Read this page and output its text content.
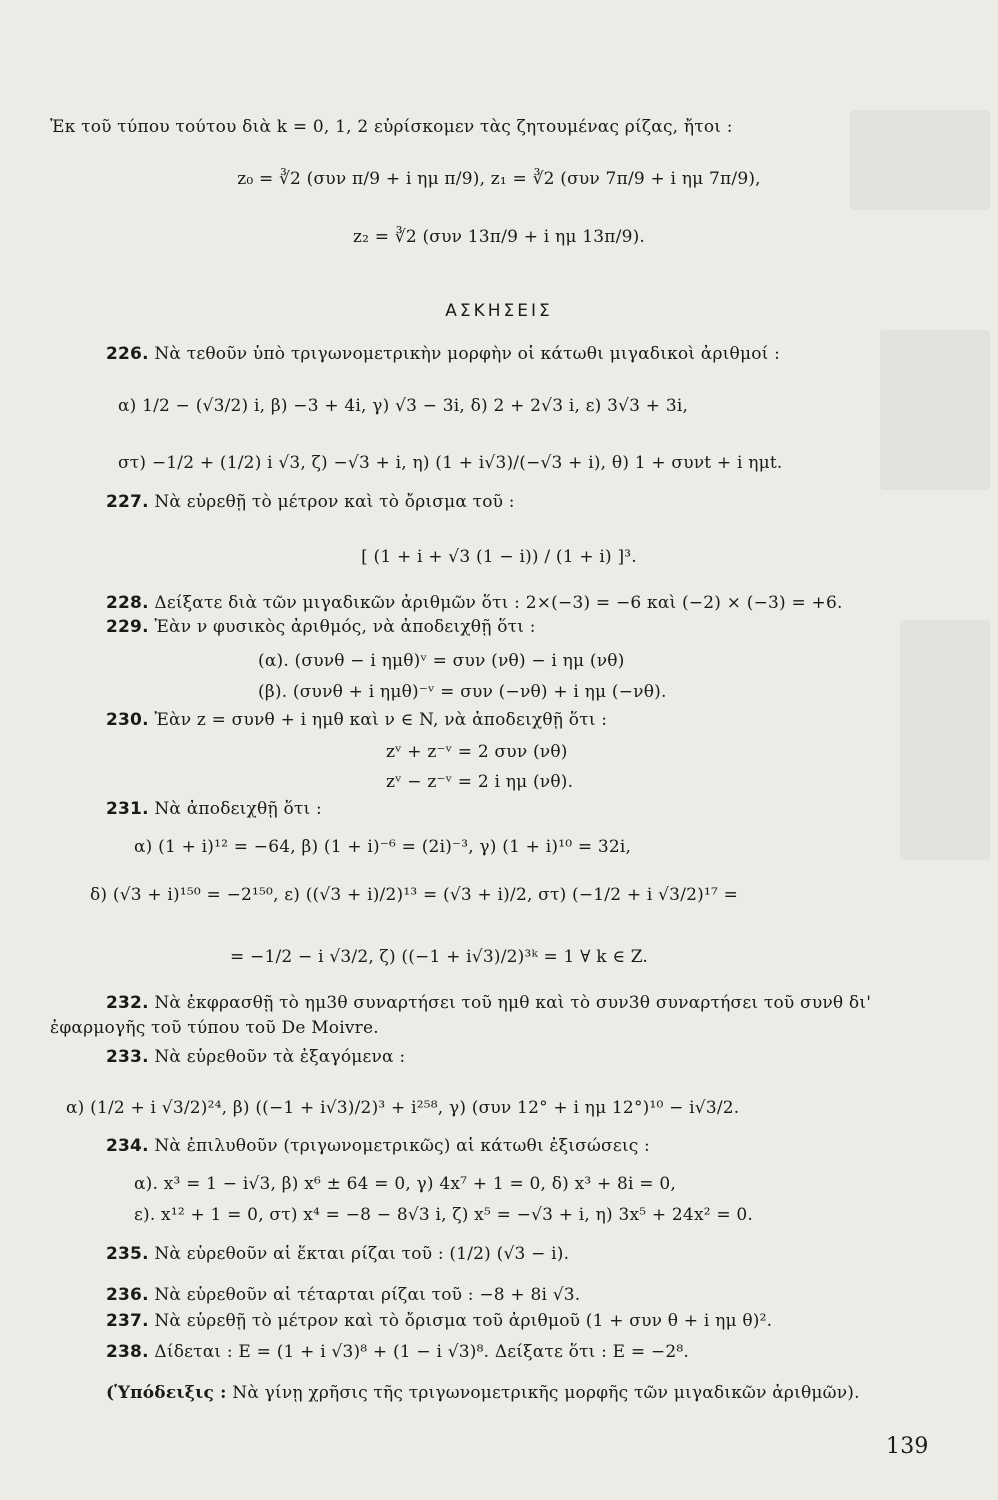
Ἐκ τοῦ τύπου τούτου διὰ k = 0, 1, 2 εὑρίσκομεν τὰς ζητουμένας ρίζας, ἤτοι :
z₀ = ∛2 (συν π/9 + i ημ π/9), z₁ = ∛2 (συν 7π/9 + i ημ 7π/9),
z₂ = ∛2 (συν 13π/9 + i ημ 13π/9).
ΑΣΚΗΣΕΙΣ
226. Νὰ τεθοῦν ὑπὸ τριγωνομετρικὴν μορφὴν οἱ κάτωθι μιγαδικοὶ ἀριθμοί :
α) 1/2 − (√3/2) i, β) −3 + 4i, γ) √3 − 3i, δ) 2 + 2√3 i, ε) 3√3 + 3i,
στ) −1/2 + (1/2) i √3, ζ) −√3 + i, η) (1 + i√3)/(−√3 + i), θ) 1 + συνt + i ημt.
227. Νὰ εὑρεθῇ τὸ μέτρον καὶ τὸ ὄρισμα τοῦ :
[ (1 + i + √3 (1 − i)) / (1 + i) ]³.
228. Δείξατε διὰ τῶν μιγαδικῶν ἀριθμῶν ὅτι : 2×(−3) = −6 καὶ (−2) × (−3) = +6.
229. Ἐὰν ν φυσικὸς ἀριθμός, νὰ ἀποδειχθῇ ὅτι :
(α). (συνθ − i ημθ)ᵛ = συν (νθ) − i ημ (νθ)
(β). (συνθ + i ημθ)⁻ᵛ = συν (−νθ) + i ημ (−νθ).
230. Ἐὰν z = συνθ + i ημθ καὶ ν ∈ N, νὰ ἀποδειχθῇ ὅτι :
zᵛ + z⁻ᵛ = 2 συν (νθ)
zᵛ − z⁻ᵛ = 2 i ημ (νθ).
231. Νὰ ἀποδειχθῇ ὅτι :
α) (1 + i)¹² = −64, β) (1 + i)⁻⁶ = (2i)⁻³, γ) (1 + i)¹⁰ = 32i,
δ) (√3 + i)¹⁵⁰ = −2¹⁵⁰, ε) ((√3 + i)/2)¹³ = (√3 + i)/2, στ) (−1/2 + i √3/2)¹⁷ =
= −1/2 − i √3/2, ζ) ((−1 + i√3)/2)³ᵏ = 1 ∀ k ∈ Z.
232. Νὰ ἐκφρασθῇ τὸ ημ3θ συναρτήσει τοῦ ημθ καὶ τὸ συν3θ συναρτήσει τοῦ συνθ δι'
ἐφαρμογῆς τοῦ τύπου τοῦ De Moivre.
233. Νὰ εὑρεθοῦν τὰ ἐξαγόμενα :
α) (1/2 + i √3/2)²⁴, β) ((−1 + i√3)/2)³ + i²⁵⁸, γ) (συν 12° + i ημ 12°)¹⁰ − i√3/2.
234. Νὰ ἐπιλυθοῦν (τριγωνομετρικῶς) αἱ κάτωθι ἐξισώσεις :
α). x³ = 1 − i√3, β) x⁶ ± 64 = 0, γ) 4x⁷ + 1 = 0, δ) x³ + 8i = 0,
ε). x¹² + 1 = 0, στ) x⁴ = −8 − 8√3 i, ζ) x⁵ = −√3 + i, η) 3x⁵ + 24x² = 0.
235. Νὰ εὑρεθοῦν αἱ ἕκται ρίζαι τοῦ : (1/2) (√3 − i).
236. Νὰ εὑρεθοῦν αἱ τέταρται ρίζαι τοῦ : −8 + 8i √3.
237. Νὰ εὑρεθῇ τὸ μέτρον καὶ τὸ ὄρισμα τοῦ ἀριθμοῦ (1 + συν θ + i ημ θ)².
238. Δίδεται : E = (1 + i √3)⁸ + (1 − i √3)⁸. Δείξατε ὅτι : E = −2⁸.
(Ὑπόδειξις : Νὰ γίνῃ χρῆσις τῆς τριγωνομετρικῆς μορφῆς τῶν μιγαδικῶν ἀριθμῶν).
139
